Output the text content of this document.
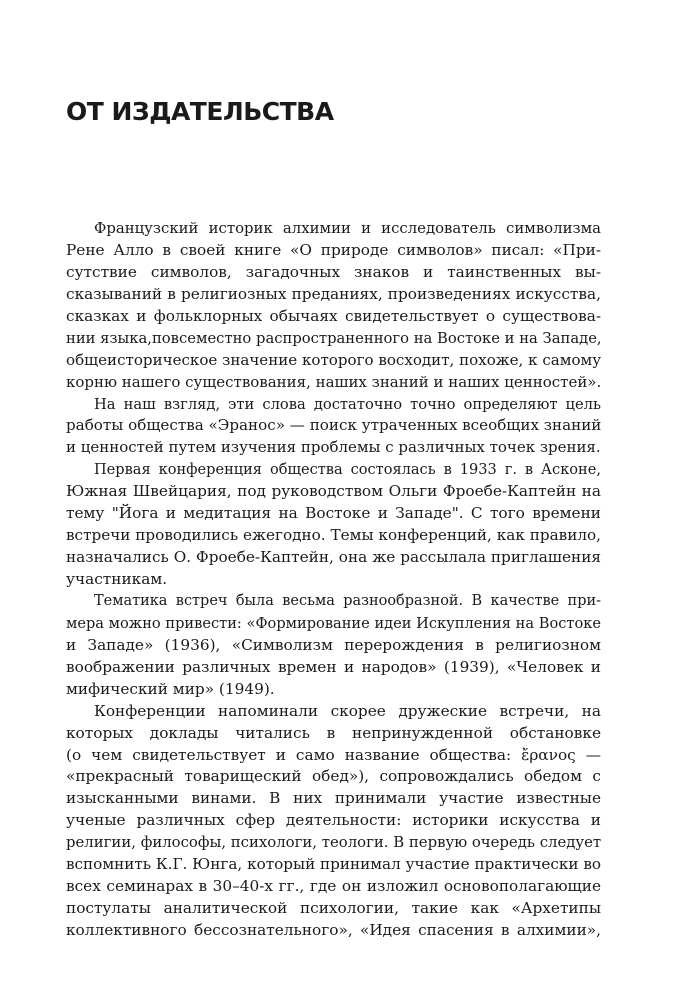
ОТ ИЗДАТЕЛЬСТВА

Французский историк алхимии и исследователь символизма
Рене Алло в своей книге «О природе символов» писал: «При-
сутствие символов, загадочных знаков и таинственных вы-
сказываний в религиозных преданиях, произведениях искусства,
сказках и фольклорных обычаях свидетельствует о существова-
нии языка,повсеместно распространенного на Востоке и на Западе,
общеисторическое значение которого восходит, похоже, к самому
корню нашего существования, наших знаний и наших ценностей».

На наш взгляд, эти слова достаточно точно определяют цель
работы общества «Эранос» — поиск утраченных всеобщих знаний
и ценностей путем изучения проблемы с различных точек зрения.

Первая конференция общества состоялась в 1933 г. в Асконе,
Южная Швейцария, под руководством Ольги Фроебе-Каптейн на
тему "Йога и медитация на Востоке и Западе". С того времени
встречи проводились ежегодно. Темы конференций, как правило,
назначались О. Фроебе-Каптейн, она же рассылала приглашения
участникам.

Тематика встреч была весьма разнообразной. В качестве при-
мера можно привести: «Формирование идеи Искупления на Востоке
и Западе» (1936), «Символизм перерождения в религиозном
воображении различных времен и народов» (1939), «Человек и
мифический мир» (1949).

Конференции напоминали скорее дружеские встречи, на
которых доклады читались в непринужденной обстановке
(о чем свидетельствует и само название общества: ἔρανος —
«прекрасный товарищеский обед»), сопровождались обедом с
изысканными винами. В них принимали участие известные
ученые различных сфер деятельности: историки искусства и
религии, философы, психологи, теологи. В первую очередь следует
вспомнить К.Г. Юнга, который принимал участие практически во
всех семинарах в 30–40-х гг., где он изложил основополагающие
постулаты аналитической психологии, такие как «Архетипы
коллективного бессознательного», «Идея спасения в алхимии»,
